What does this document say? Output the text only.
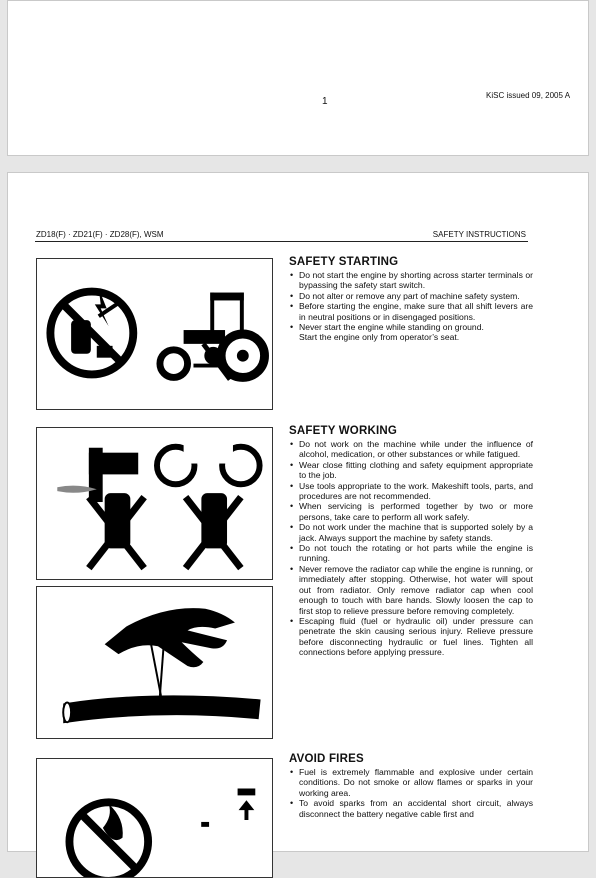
1
KiSC issued 09, 2005 A
ZD18(F) · ZD21(F) · ZD28(F), WSM	SAFETY INSTRUCTIONS
SAFETY STARTING
• Do not start the engine by shorting across starter terminals or bypassing the safety start switch.
• Do not alter or remove any part of machine safety system.
• Before starting the engine, make sure that all shift levers are in neutral positions or in disengaged positions.
• Never start the engine while standing on ground.
Start the engine only from operator’s seat.
SAFETY WORKING
• Do not work on the machine while under the influence of alcohol, medication, or other substances or while fatigued.
• Wear close fitting clothing and safety equipment appropriate to the job.
• Use tools appropriate to the work. Makeshift tools, parts, and procedures are not recommended.
• When servicing is performed together by two or more persons, take care to perform all work safely.
• Do not work under the machine that is supported solely by a jack. Always support the machine by safety stands.
• Do not touch the rotating or hot parts while the engine is running.
• Never remove the radiator cap while the engine is running, or immediately after stopping. Otherwise, hot water will spout out from radiator. Only remove radiator cap when cool enough to touch with bare hands. Slowly loosen the cap to first stop to relieve pressure before removing completely.
• Escaping fluid (fuel or hydraulic oil) under pressure can penetrate the skin causing serious injury. Relieve pressure before disconnecting hydraulic or fuel lines. Tighten all connections before applying pressure.
AVOID FIRES
• Fuel is extremely flammable and explosive under certain conditions. Do not smoke or allow flames or sparks in your working area.
• To avoid sparks from an accidental short circuit, always disconnect the battery negative cable first and
